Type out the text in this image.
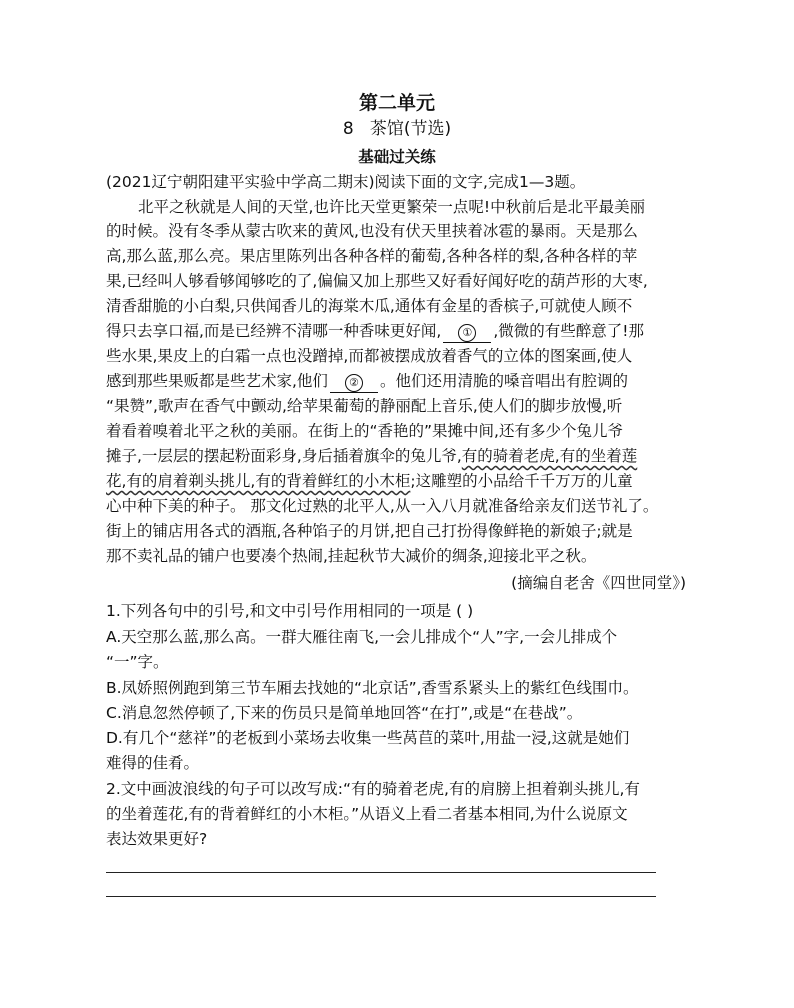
第二单元
8 茶馆(节选)
基础过关练
(2021辽宁朝阳建平实验中学高二期末)阅读下面的文字,完成1—3题。
北平之秋就是人间的天堂,也许比天堂更繁荣一点呢!中秋前后是北平最美丽
的时候。没有冬季从蒙古吹来的黄风,也没有伏天里挟着冰雹的暴雨。天是那么
高,那么蓝,那么亮。果店里陈列出各种各样的葡萄,各种各样的梨,各种各样的苹
果,已经叫人够看够闻够吃的了,偏偏又加上那些又好看好闻好吃的葫芦形的大枣,
清香甜脆的小白梨,只供闻香儿的海棠木瓜,通体有金星的香槟子,可就使人顾不
得只去享口福,而是已经辨不清哪一种香味更好闻, ① ,微微的有些醉意了!那
些水果,果皮上的白霜一点也没蹭掉,而都被摆成放着香气的立体的图案画,使人
感到那些果贩都是些艺术家,他们 ② 。他们还用清脆的嗓音唱出有腔调的
“果赞”,歌声在香气中颤动,给苹果葡萄的静丽配上音乐,使人们的脚步放慢,听
着看着嗅着北平之秋的美丽。在街上的“香艳的”果摊中间,还有多少个兔儿爷
摊子,一层层的摆起粉面彩身,身后插着旗伞的兔儿爷,有的骑着老虎,有的坐着莲
花,有的肩着剃头挑儿,有的背着鲜红的小木柜;这雕塑的小品给千千万万的儿童
心中种下美的种子。 那文化过熟的北平人,从一入八月就准备给亲友们送节礼了。
街上的铺店用各式的酒瓶,各种馅子的月饼,把自己打扮得像鲜艳的新娘子;就是
那不卖礼品的铺户也要凑个热闹,挂起秋节大减价的绸条,迎接北平之秋。
(摘编自老舍《四世同堂》)
1.下列各句中的引号,和文中引号作用相同的一项是 ( )
A.天空那么蓝,那么高。一群大雁往南飞,一会儿排成个“人”字,一会儿排成个
“一”字。
B.凤娇照例跑到第三节车厢去找她的“北京话”,香雪系紧头上的紫红色线围巾。
C.消息忽然停顿了,下来的伤员只是简单地回答“在打”,或是“在巷战”。
D.有几个“慈祥”的老板到小菜场去收集一些莴苣的菜叶,用盐一浸,这就是她们
难得的佳肴。
2.文中画波浪线的句子可以改写成:“有的骑着老虎,有的肩膀上担着剃头挑儿,有
的坐着莲花,有的背着鲜红的小木柜。”从语义上看二者基本相同,为什么说原文
表达效果更好?
